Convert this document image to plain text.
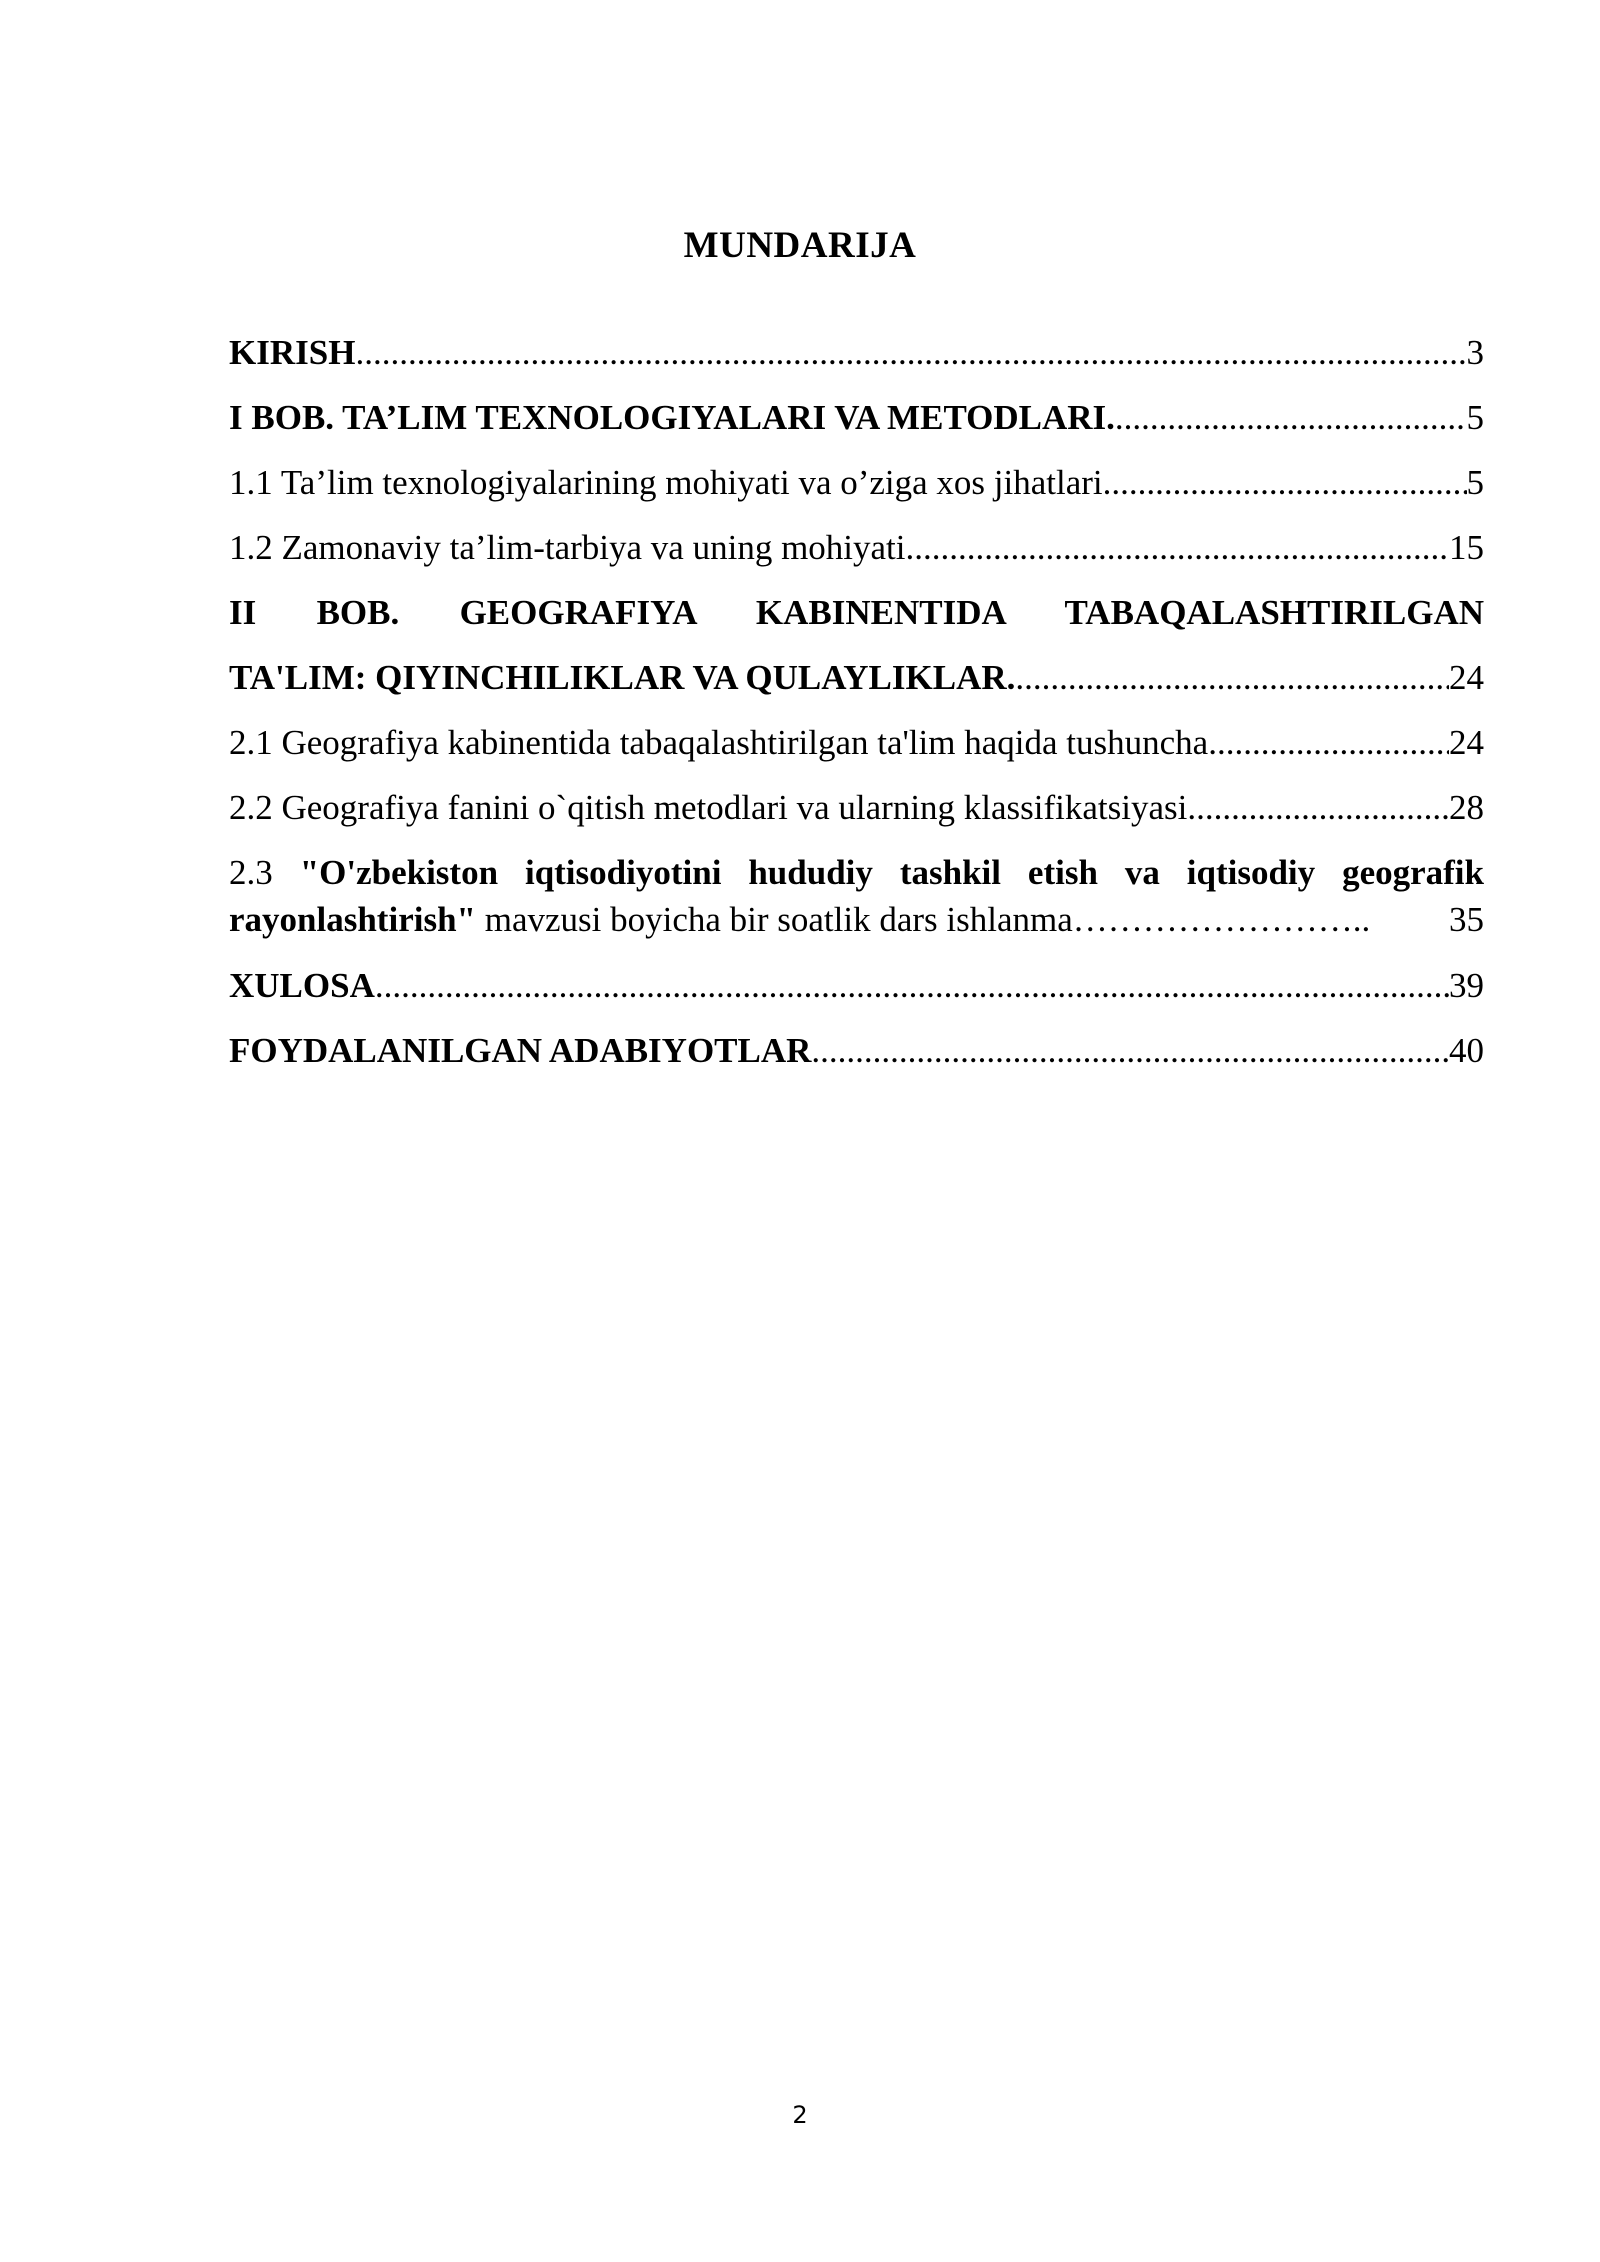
MUNDARIJA
KIRISH .....	3
I BOB. TA’LIM TEXNOLOGIYALARI VA METODLARI. .....	5
1.1 Ta’lim texnologiyalarining mohiyati va o’ziga xos jihatlari .....	5
1.2 Zamonaviy ta’lim-tarbiya va uning mohiyati .....	15
II BOB. GEOGRAFIYA KABINENTIDA TABAQALASHTIRILGAN
TA'LIM: QIYINCHILIKLAR VA QULAYLIKLAR. .....	24
2.1 Geografiya kabinentida tabaqalashtirilgan ta'lim haqida tushuncha .....	24
2.2 Geografiya fanini o`qitish metodlari va ularning klassifikatsiyasi .....	28
2.3 "O'zbekiston iqtisodiyotini hududiy tashkil etish va iqtisodiy geografik
rayonlashtirish" mavzusi boyicha bir soatlik dars ishlanma ……………………..	35
XULOSA .....	39
FOYDALANILGAN ADABIYOTLAR .....	40
2
